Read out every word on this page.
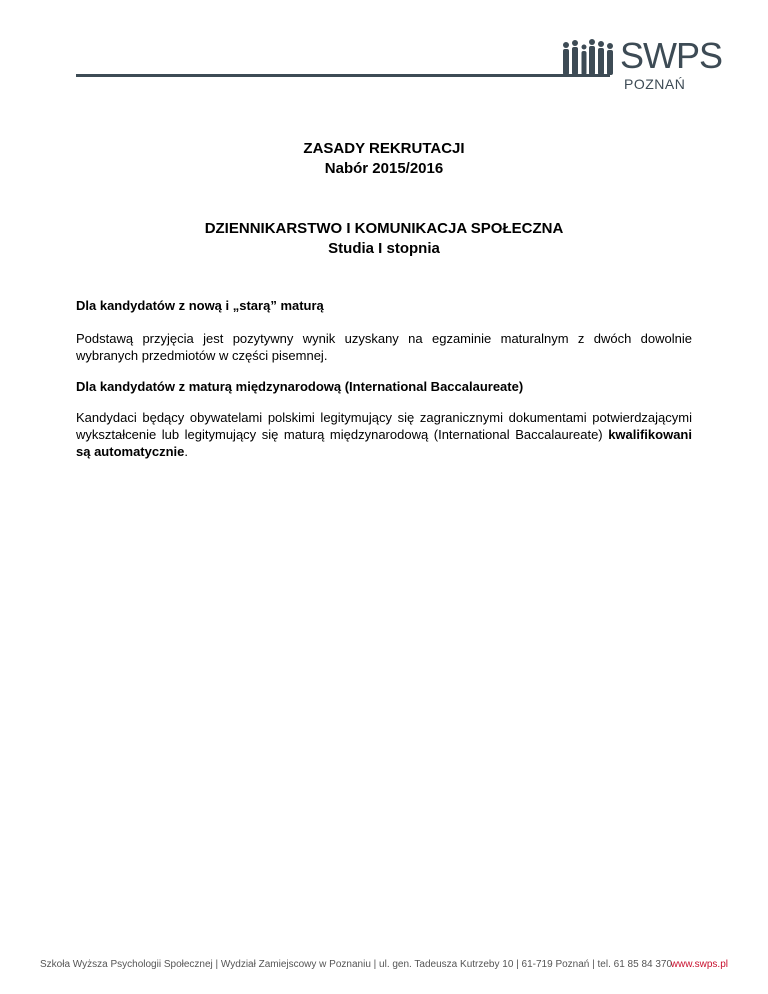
SWPS
POZNAŃ
ZASADY REKRUTACJI
Nabór 2015/2016
DZIENNIKARSTWO I KOMUNIKACJA SPOŁECZNA
Studia I stopnia

Dla kandydatów z nową i „starą” maturą

Podstawą przyjęcia jest pozytywny wynik uzyskany na egzaminie maturalnym z dwóch dowolnie wybranych przedmiotów w części pisemnej.

Dla kandydatów z maturą międzynarodową (International Baccalaureate)

Kandydaci będący obywatelami polskimi legitymujący się zagranicznymi dokumentami potwierdzającymi wykształcenie lub legitymujący się maturą międzynarodową (International Baccalaureate) kwalifikowani są automatycznie.

Szkoła Wyższa Psychologii Społecznej | Wydział Zamiejscowy w Poznaniu | ul. gen. Tadeusza Kutrzeby 10 | 61-719 Poznań | tel. 61 85 84 370
www.swps.pl
